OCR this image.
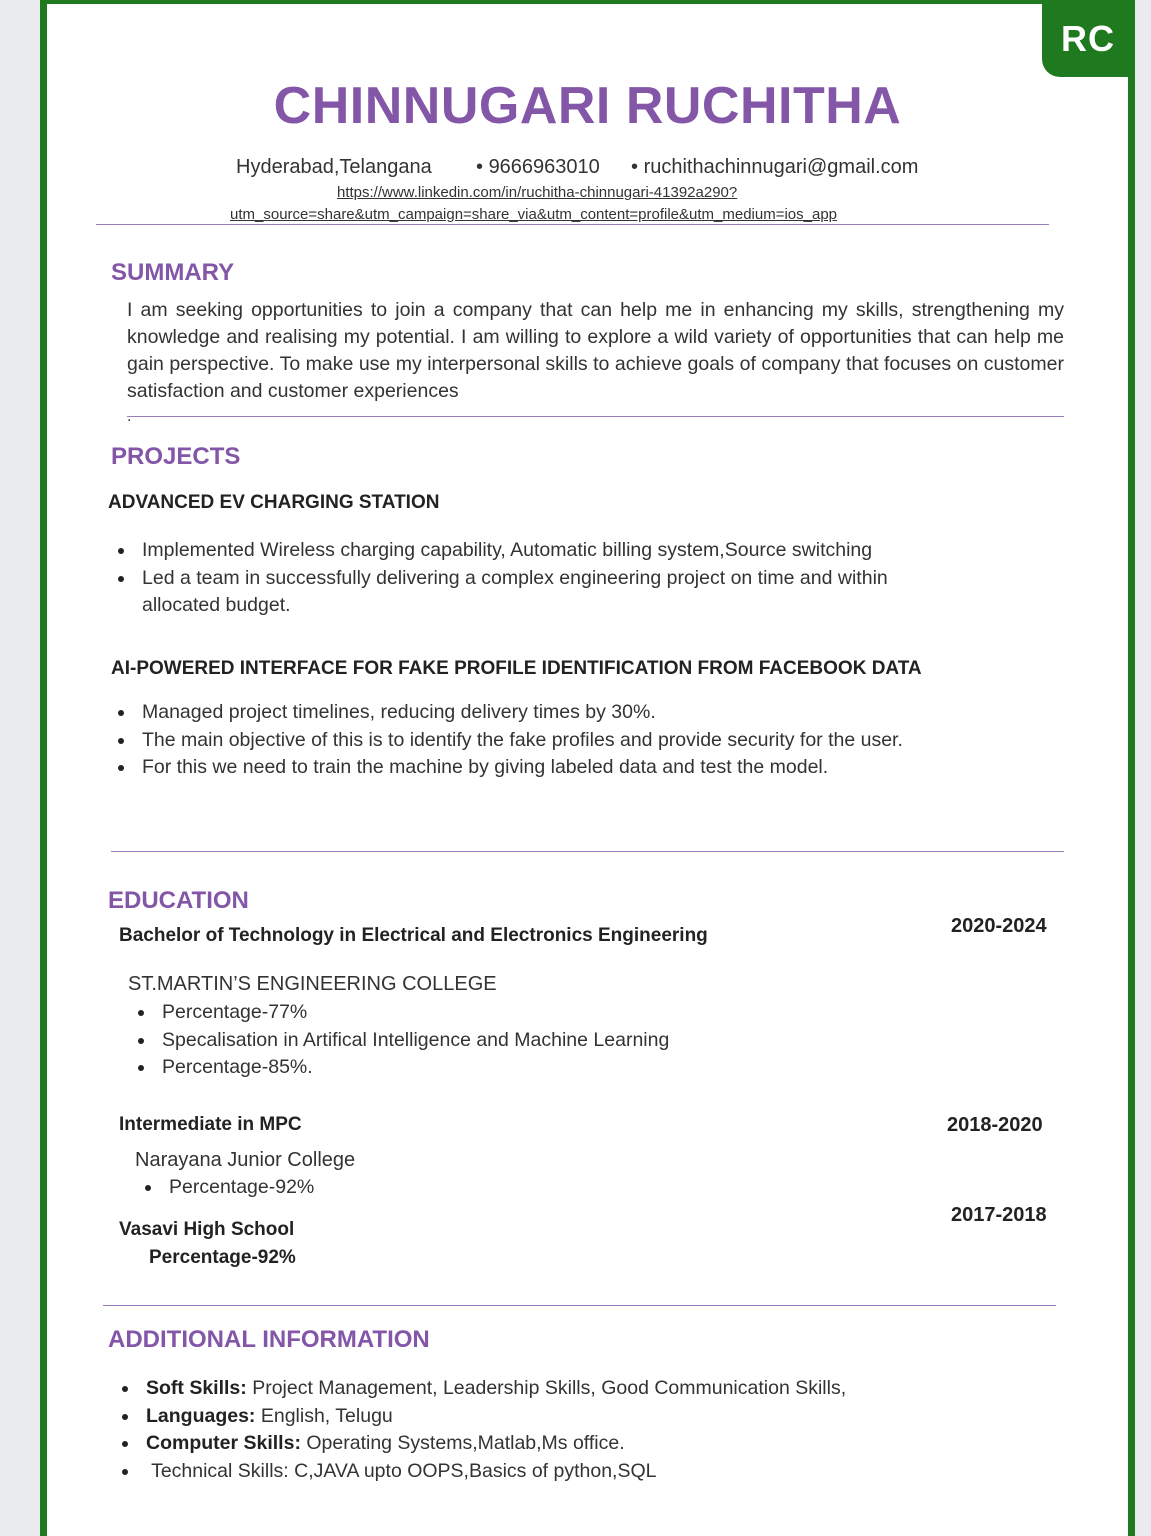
RC
CHINNUGARI RUCHITHA
Hyderabad,Telangana • 9666963010 • ruchithachinnugari@gmail.com
https://www.linkedin.com/in/ruchitha-chinnugari-41392a290?
utm_source=share&utm_campaign=share_via&utm_content=profile&utm_medium=ios_app
SUMMARY
I am seeking opportunities to join a company that can help me in enhancing my skills, strengthening my knowledge and realising my potential. I am willing to explore a wild variety of opportunities that can help me gain perspective. To make use my interpersonal skills to achieve goals of company that focuses on customer satisfaction and customer experiences
.
PROJECTS
ADVANCED EV CHARGING STATION
Implemented Wireless charging capability, Automatic billing system,Source switching
Led a team in successfully delivering a complex engineering project on time and within allocated budget.
AI-POWERED INTERFACE FOR FAKE PROFILE IDENTIFICATION FROM FACEBOOK DATA
Managed project timelines, reducing delivery times by 30%.
The main objective of this is to identify the fake profiles and provide security for the user.
For this we need to train the machine by giving labeled data and test the model.
EDUCATION
Bachelor of Technology in Electrical and Electronics Engineering	2020-2024
ST.MARTIN’S ENGINEERING COLLEGE
Percentage-77%
Specalisation in Artifical Intelligence and Machine Learning
Percentage-85%.
Intermediate in MPC	2018-2020
Narayana Junior College
Percentage-92%
Vasavi High School
2017-2018
Percentage-92%
ADDITIONAL INFORMATION
Soft Skills: Project Management, Leadership Skills, Good Communication Skills,
Languages: English, Telugu
Computer Skills: Operating Systems,Matlab,Ms office.
Technical Skills: C,JAVA upto OOPS,Basics of python,SQL
